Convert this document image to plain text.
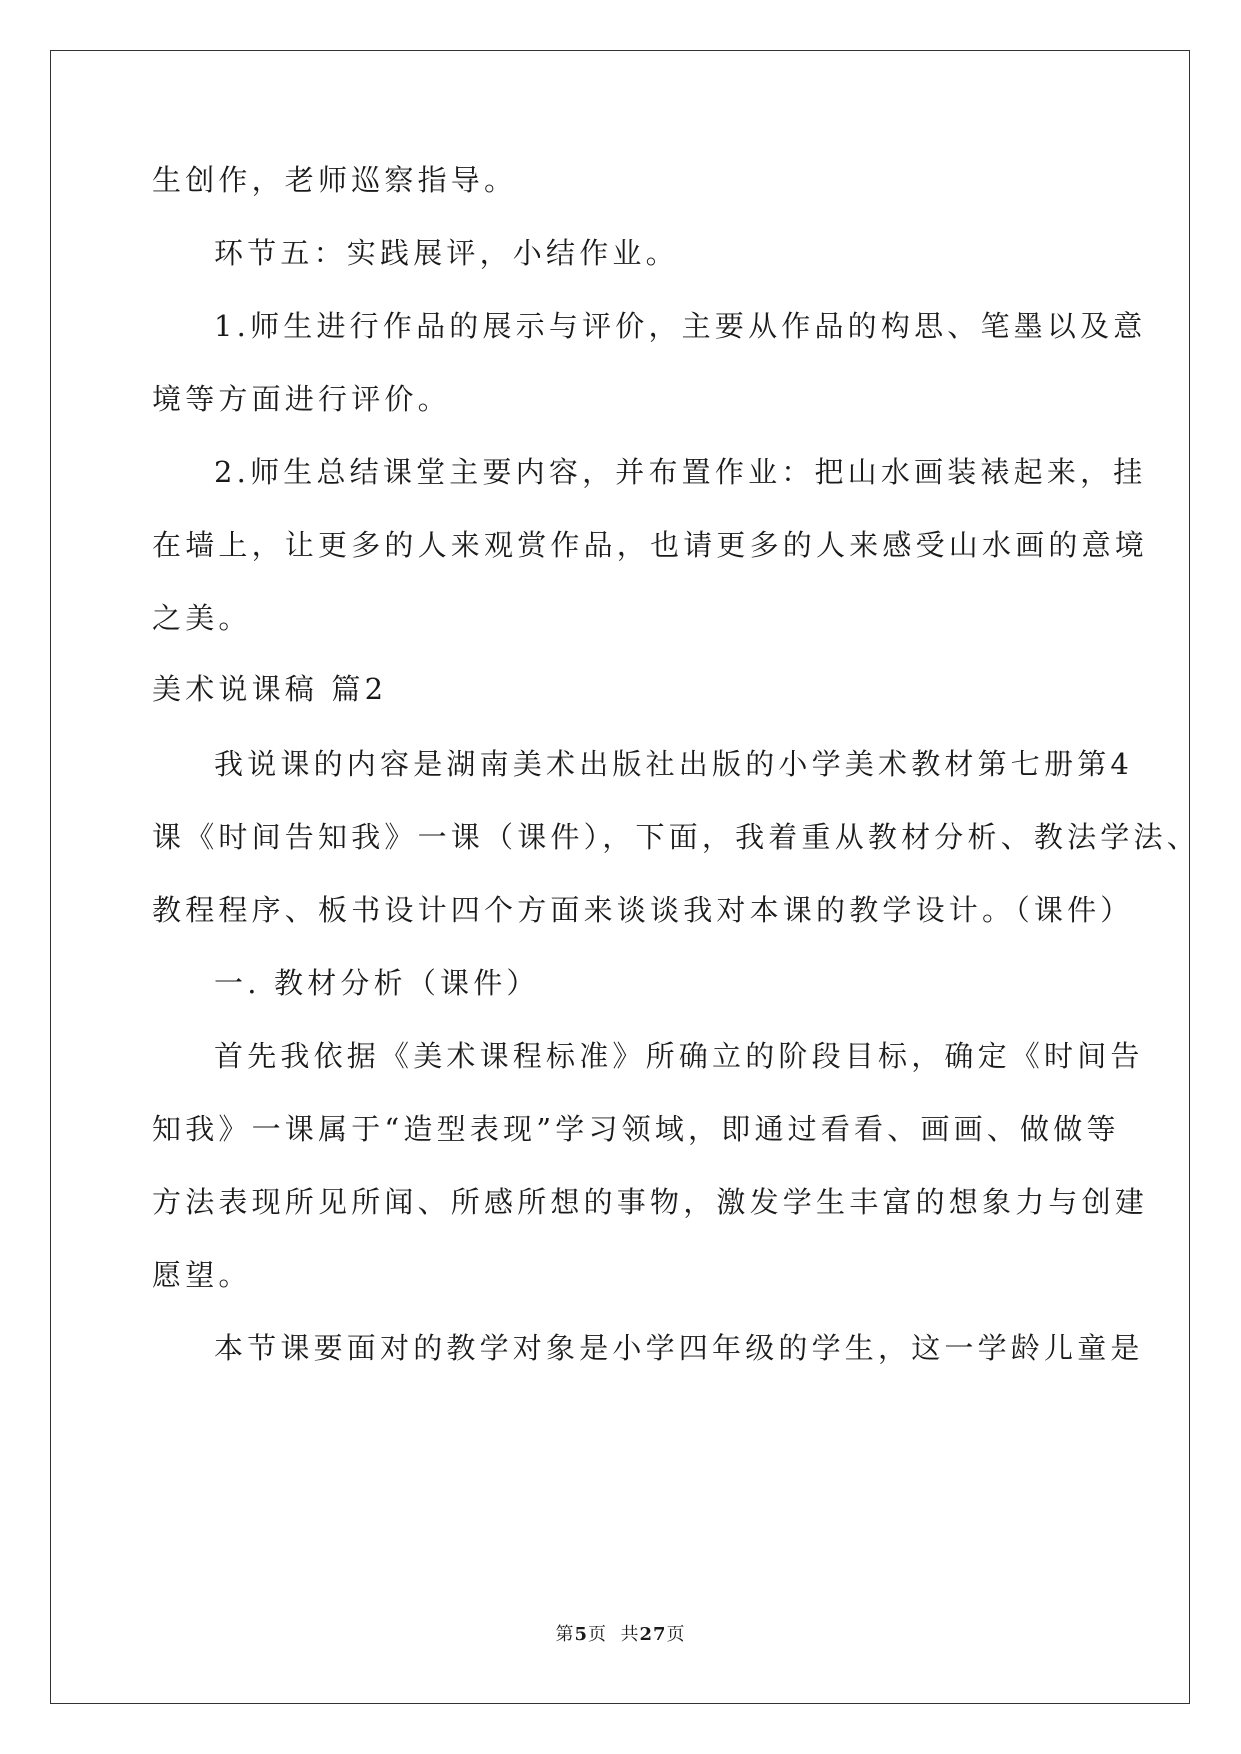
生创作，老师巡察指导。
环节五：实践展评，小结作业。
1.师生进行作品的展示与评价，主要从作品的构思、笔墨以及意
境等方面进行评价。
2.师生总结课堂主要内容，并布置作业：把山水画装裱起来，挂
在墙上，让更多的人来观赏作品，也请更多的人来感受山水画的意境
之美。
美术说课稿 篇2
我说课的内容是湖南美术出版社出版的小学美术教材第七册第4
课《时间告知我》一课（课件），下面，我着重从教材分析、教法学法、
教程程序、板书设计四个方面来谈谈我对本课的教学设计。（课件）
一. 教材分析（课件）
首先我依据《美术课程标准》所确立的阶段目标，确定《时间告
知我》一课属于“造型表现”学习领域，即通过看看、画画、做做等
方法表现所见所闻、所感所想的事物，激发学生丰富的想象力与创建
愿望。
本节课要面对的教学对象是小学四年级的学生，这一学龄儿童是
第5页  共27页
